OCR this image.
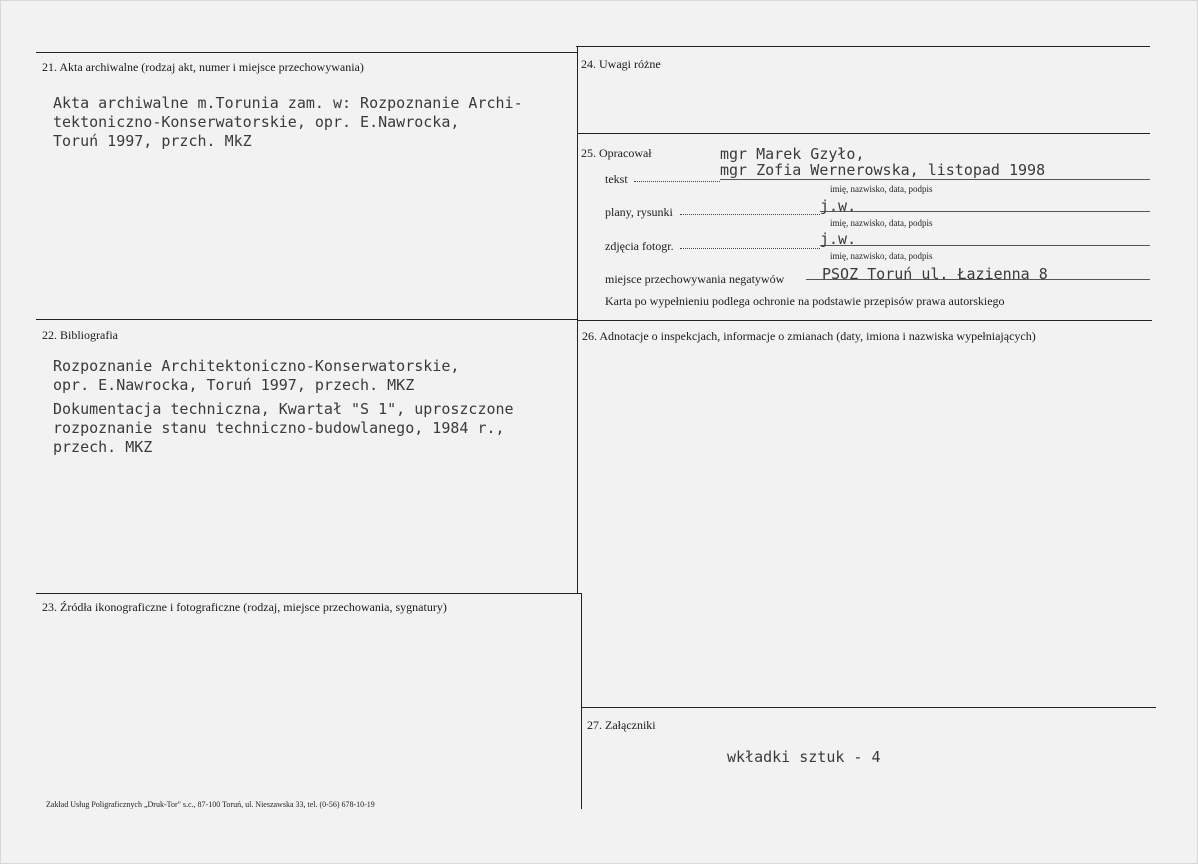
21. Akta archiwalne (rodzaj akt, numer i miejsce przechowywania)
Akta archiwalne m.Torunia zam. w: Rozpoznanie Archi-
tektoniczno-Konserwatorskie, opr. E.Nawrocka,
Toruń 1997, przch. MkZ
22. Bibliografia
Rozpoznanie Architektoniczno-Konserwatorskie,
opr. E.Nawrocka, Toruń 1997, przech. MKZ
Dokumentacja techniczna, Kwartał "S 1", uproszczone
rozpoznanie stanu techniczno-budowlanego, 1984 r.,
przech. MKZ
23. Źródła ikonograficzne i fotograficzne (rodzaj, miejsce przechowania, sygnatury)
Zakład Usług Poligraficznych „Druk-Tor" s.c., 87-100 Toruń, ul. Nieszawska 33, tel. (0-56) 678-10-19
24. Uwagi różne
25. Opracował	mgr Marek Gzyło,
tekst	mgr Zofia Wernerowska, listopad 1998
imię, nazwisko, data, podpis
plany, rysunki	j.w.
imię, nazwisko, data, podpis
zdjęcia fotogr.	j.w.
imię, nazwisko, data, podpis
miejsce przechowywania negatywów	PSOZ Toruń ul. Łazienna 8
Karta po wypełnieniu podlega ochronie na podstawie przepisów prawa autorskiego
26. Adnotacje o inspekcjach, informacje o zmianach (daty, imiona i nazwiska wypełniających)
27. Załączniki
wkładki sztuk - 4
